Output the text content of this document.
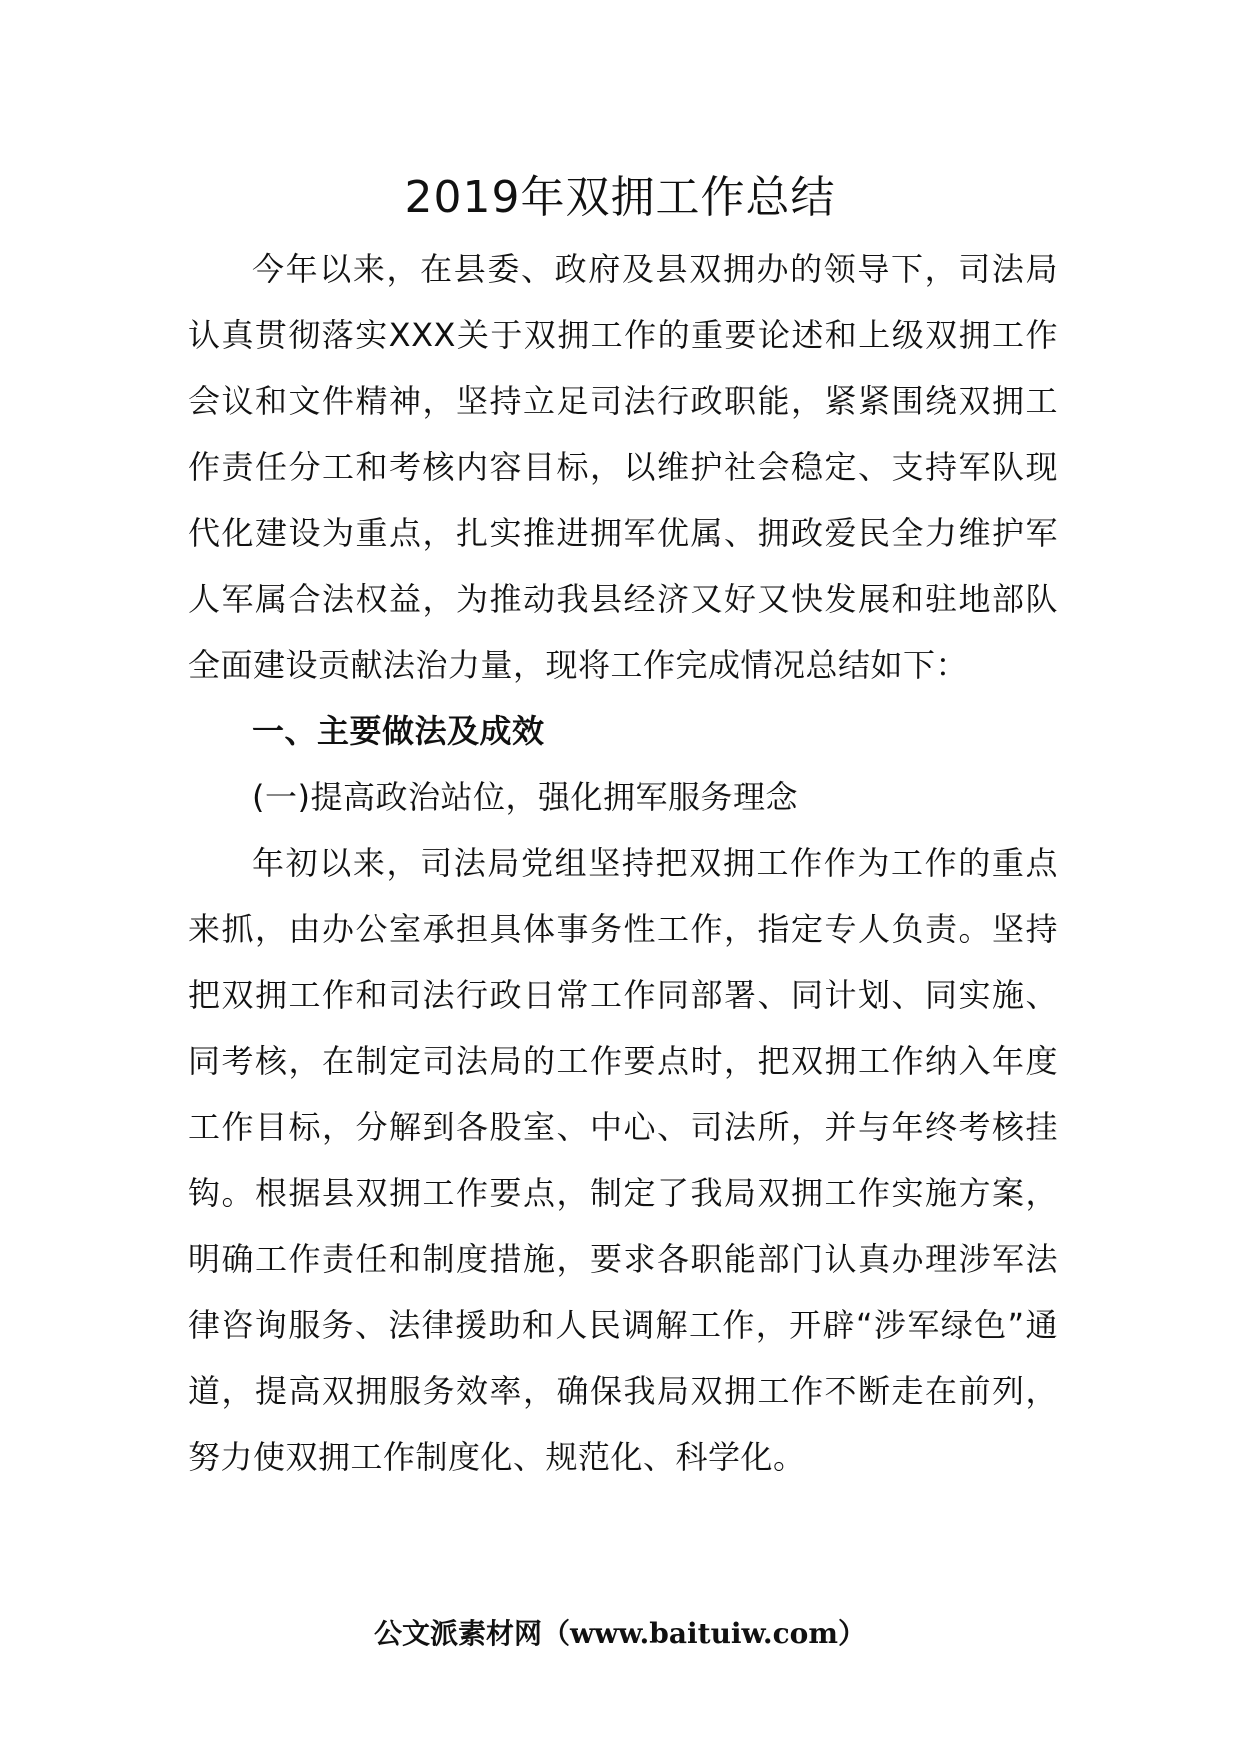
2019年双拥工作总结

今年以来，在县委、政府及县双拥办的领导下，司法局认真贯彻落实XXX关于双拥工作的重要论述和上级双拥工作会议和文件精神，坚持立足司法行政职能，紧紧围绕双拥工作责任分工和考核内容目标，以维护社会稳定、支持军队现代化建设为重点，扎实推进拥军优属、拥政爱民全力维护军人军属合法权益，为推动我县经济又好又快发展和驻地部队全面建设贡献法治力量，现将工作完成情况总结如下：

一、主要做法及成效
(一)提高政治站位，强化拥军服务理念

年初以来，司法局党组坚持把双拥工作作为工作的重点来抓，由办公室承担具体事务性工作，指定专人负责。坚持把双拥工作和司法行政日常工作同部署、同计划、同实施、同考核，在制定司法局的工作要点时，把双拥工作纳入年度工作目标，分解到各股室、中心、司法所，并与年终考核挂钩。根据县双拥工作要点，制定了我局双拥工作实施方案，明确工作责任和制度措施，要求各职能部门认真办理涉军法律咨询服务、法律援助和人民调解工作，开辟“涉军绿色”通道，提高双拥服务效率，确保我局双拥工作不断走在前列，努力使双拥工作制度化、规范化、科学化。

公文派素材网（www.baituiw.com）
